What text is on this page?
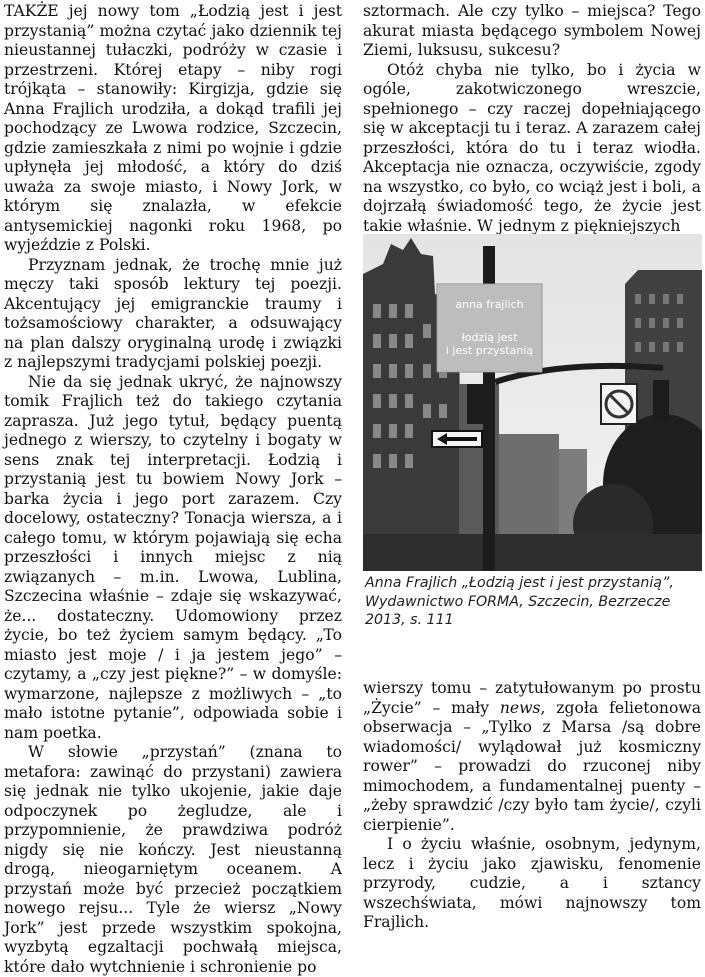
TAKŻE jej nowy tom „Łodzią jest i jest przystanią” można czytać jako dziennik tej nieustannej tułaczki, podróży w czasie i przestrzeni. Której etapy – niby rogi trójkąta – stanowiły: Kirgizja, gdzie się Anna Frajlich urodziła, a dokąd trafili jej pochodzący ze Lwowa rodzice, Szczecin, gdzie zamieszkała z nimi po wojnie i gdzie upłynęła jej młodość, a który do dziś uważa za swoje miasto, i Nowy Jork, w którym się znalazła, w efekcie antysemickiej nagonki roku 1968, po wyjeździe z Polski.

Przyznam jednak, że trochę mnie już męczy taki sposób lektury tej poezji. Akcentujący jej emigranckie traumy i tożsamościowy charakter, a odsuwający na plan dalszy oryginalną urodę i związki z najlepszymi tradycjami polskiej poezji.

Nie da się jednak ukryć, że najnowszy tomik Frajlich też do takiego czytania zaprasza. Już jego tytuł, będący puentą jednego z wierszy, to czytelny i bogaty w sens znak tej interpretacji. Łodzią i przystanią jest tu bowiem Nowy Jork – barka życia i jego port zarazem. Czy docelowy, ostateczny? Tonacja wiersza, a i całego tomu, w którym pojawiają się echa przeszłości i innych miejsc z nią związanych – m.in. Lwowa, Lublina, Szczecina właśnie – zdaje się wskazywać, że... dostateczny. Udomowiony przez życie, bo też życiem samym będący. „To miasto jest moje / i ja jestem jego” – czytamy, a „czy jest piękne?” – w domyśle: wymarzone, najlepsze z możliwych – „to mało istotne pytanie”, odpowiada sobie i nam poetka.

W słowie „przystań” (znana to metafora: zawinąć do przystani) zawiera się jednak nie tylko ukojenie, jakie daje odpoczynek po żegludze, ale i przypomnienie, że prawdziwa podróż nigdy się nie kończy. Jest nieustanną drogą, nieogarniętym oceanem. A przystań może być przecież początkiem nowego rejsu... Tyle że wiersz „Nowy Jork” jest przede wszystkim spokojna, wyzbytą egzaltacji pochwałą miejsca, które dało wytchnienie i schronienie po

sztormach. Ale czy tylko – miejsca? Tego akurat miasta będącego symbolem Nowej Ziemi, luksusu, sukcesu?

Otóż chyba nie tylko, bo i życia w ogóle, zakotwiczonego wreszcie, spełnionego – czy raczej dopełniającego się w akceptacji tu i teraz. A zarazem całej przeszłości, która do tu i teraz wiodła. Akceptacja nie oznacza, oczywiście, zgody na wszystko, co było, co wciąż jest i boli, a dojrzałą świadomość tego, że życie jest takie właśnie. W jednym z piękniejszych

anna frajlich
łodzią jest
i jest przystanią
Anna Frajlich „Łodzią jest i jest przystanią”, Wydawnictwo FORMA, Szczecin, Bezrzecze 2013, s. 111

wierszy tomu – zatytułowanym po prostu „Życie” – mały news, zgoła felietonowa obserwacja – „Tylko z Marsa /są dobre wiadomości/ wylądował już kosmiczny rower” – prowadzi do rzuconej niby mimochodem, a fundamentalnej puenty – „żeby sprawdzić /czy było tam życie/, czyli cierpienie”.

I o życiu właśnie, osobnym, jedynym, lecz i życiu jako zjawisku, fenomenie przyrody, cudzie, a i sztancy wszechświata, mówi najnowszy tom Frajlich.
